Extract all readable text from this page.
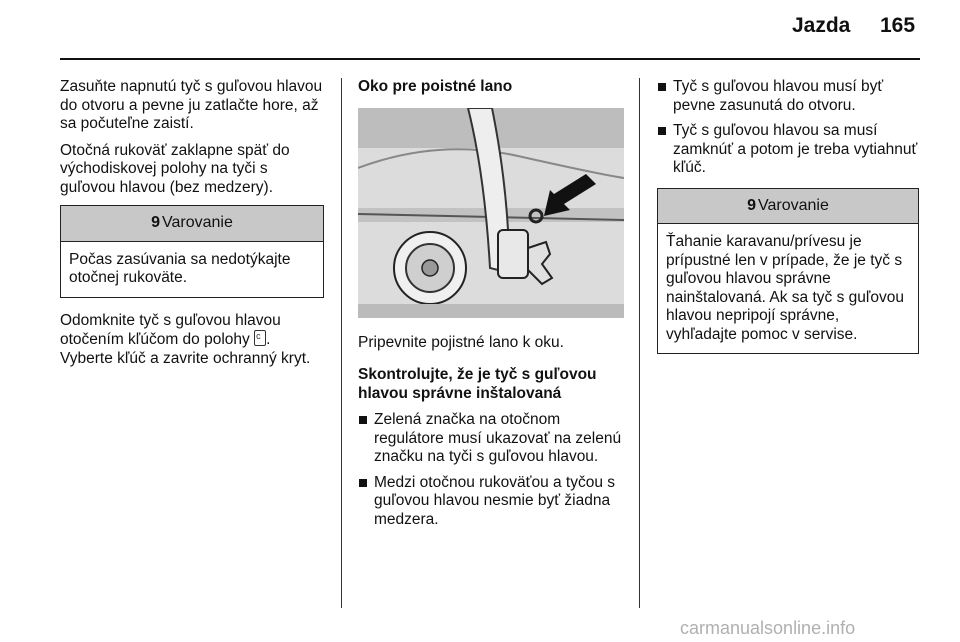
Jazda 165

Zasuňte napnutú tyč s guľovou hlavou do otvoru a pevne ju zatlačte hore, až sa počuteľne zaistí.

Otočná rukoväť zaklapne späť do východiskovej polohy na tyči s guľovou hlavou (bez medzery).

9 Varovanie
Počas zasúvania sa nedotýkajte otočnej rukoväte.

Odomknite tyč s guľovou hlavou otočením kľúčom do polohy c .
Vyberte kľúč a zavrite ochranný kryt.

Oko pre poistné lano

Pripevnite pojistné lano k oku.

Skontrolujte, že je tyč s guľovou hlavou správne inštalovaná

Zelená značka na otočnom regulátore musí ukazovať na zelenú značku na tyči s guľovou hlavou.
Medzi otočnou rukoväťou a tyčou s guľovou hlavou nesmie byť žiadna medzera.
Tyč s guľovou hlavou musí byť pevne zasunutá do otvoru.
Tyč s guľovou hlavou sa musí zamknúť a potom je treba vytiahnuť kľúč.
9 Varovanie
Ťahanie karavanu/prívesu je prípustné len v prípade, že je tyč s guľovou hlavou správne nainštalovaná. Ak sa tyč s guľovou hlavou nepripojí správne, vyhľadajte pomoc v servise.
carmanualsonline.info
